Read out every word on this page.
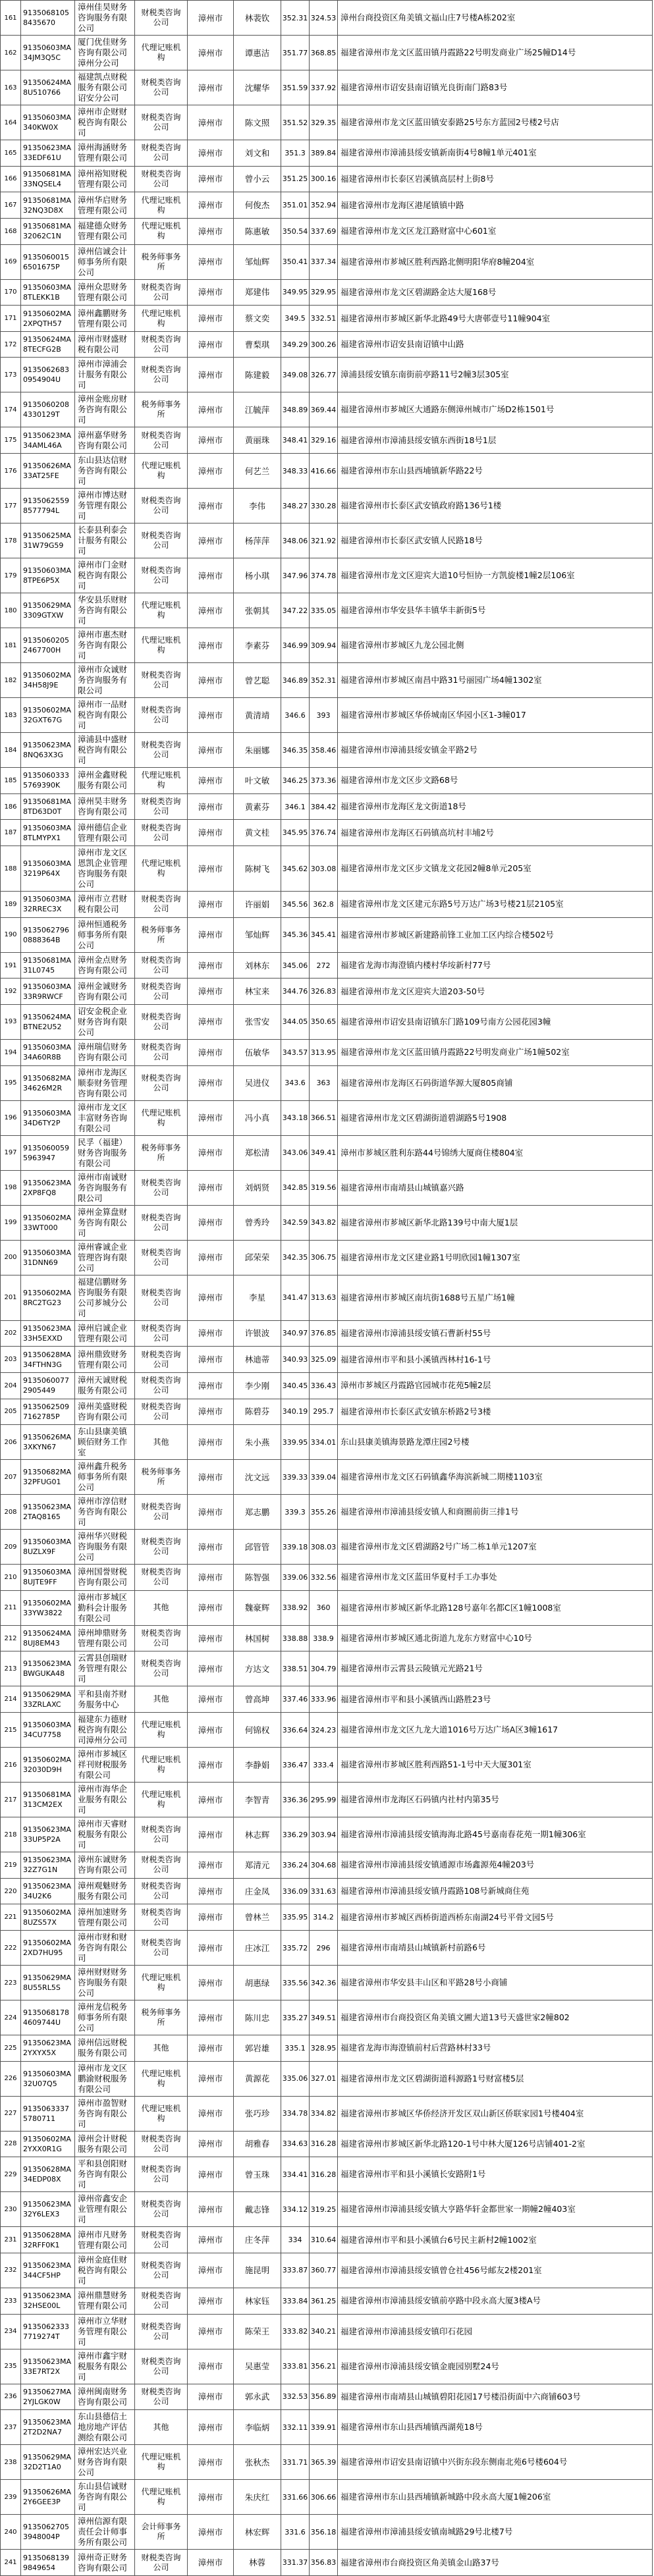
161	91350681058435670	漳州佳昊财务咨询服务有限公司	财税类咨询公司	漳州市	林裴钦	352.31	324.53	漳州台商投资区角美镇文福山庄7号楼A栋202室
162	91350603MA34JM3Q5C	厦门优佳财务咨询有限公司漳州分公司	代理记账机构	漳州市	谭惠洁	351.77	368.85	福建省漳州市龙文区蓝田镇丹霞路22号明发商业广场25幢D14号
163	91350624MA8U510766	福建凯点财税服务有限公司诏安分公司	财税类咨询公司	漳州市	沈耀华	351.59	337.92	福建省漳州市诏安县南诏镇光良街南门路83号
164	91350603MA340KW0X	漳州市企财财税咨询有限公司	财税类咨询公司	漳州市	陈文照	351.52	329.35	福建省漳州市龙文区蓝田镇安泰路25号东方蓝园2号楼2号店
165	91350623MA33EDF61U	漳州海涵财务管理有限公司	财税类咨询公司	漳州市	刘文和	351.3	389.84	福建省漳州市漳浦县绥安镇新南街4号8幢1单元401室
166	91350681MA33NQSEL4	漳州裕知财税管理有限公司	财税类咨询公司	漳州市	曾小云	351.25	300.16	福建省漳州市长泰区岩溪镇高层村上街8号
167	91350681MA32NQ3D8X	漳州华启财务管理有限公司	代理记账机构	漳州市	何俊杰	351.01	352.94	福建省漳州市龙海区港尾镇镇中路
168	91350681MA32062C1N	福建德众财务管理有限公司	代理记账机构	漳州市	陈惠敏	350.54	337.69	福建省漳州市龙文区龙江路财富中心601室
169	91350600156501675P	漳州信诚会计师事务所有限公司	税务师事务所	漳州市	邹灿辉	350.41	337.34	福建省漳州市芗城区胜利西路北侧明阳华府8幢204室
170	91350603MA8TLEKK1B	漳州众思财务管理有限公司	财税类咨询公司	漳州市	郑建伟	349.95	329.95	福建省漳州市龙文区碧湖路金达大厦168号
171	91350602MA2XPQTH57	漳州鑫鹏财务管理有限公司	代理记账机构	漳州市	蔡文奕	349.5	332.51	福建省漳州市芗城区新华北路49号大唐邨壹号11幢904室
172	91350624MA8TECFG2B	漳州市财盛财税有限公司	财税类咨询公司	漳州市	曹梨琪	349.29	300.26	福建省漳州市诏安县南诏镇中山路
173	91350626830954904U	漳州市漳浦会计服务有限公司	财税类咨询公司	漳州市	陈建毅	349.08	326.77	漳浦县绥安镇东南街前亭路11号2幢3层305室
174	91350602084330129T	漳州金账房财务咨询有限公司	税务师事务所	漳州市	江毓萍	348.89	369.44	福建省漳州市芗城区大通路东侧漳州城市广场D2栋1501号
175	91350623MA34AML46A	漳州嘉华财务咨询有限公司	财税类咨询公司	漳州市	黄丽珠	348.41	329.16	福建省漳州市漳浦县绥安镇东西街18号1层
176	91350626MA33AT25FE	东山县达信财务咨询有限公司	代理记账机构	漳州市	何艺兰	348.33	416.66	福建省漳州市东山县西埔镇新华路22号
177	91350625598577794L	漳州市博达财务管理有限公司	财税类咨询公司	漳州市	李伟	348.27	330.28	福建省漳州市长泰区武安镇政府路136号1楼
178	91350625MA31W79G59	长泰县利泰会计服务有限公司	财税类咨询公司	漳州市	杨萍萍	348.06	321.92	福建省漳州市长泰区武安镇人民路18号
179	91350603MA8TPE6P5X	漳州市门金财税咨询有限公司	财税类咨询公司	漳州市	杨小琪	347.96	374.78	福建省漳州市龙文区迎宾大道10号恒协一方凯旋楼1幢2层106室
180	91350629MA3309GTXW	华安县乐财财务咨询有限公司	代理记账机构	漳州市	张朝其	347.22	335.05	福建省漳州市华安县华丰镇华丰新街5号
181	91350602052467700H	漳州市惠杰财务咨询有限公司	代理记账机构	漳州市	李素芬	346.99	309.94	福建省漳州市芗城区九龙公园北侧
182	91350602MA34H58J9E	漳州市众诚财务咨询服务有限公司	财税类咨询公司	漳州市	曾艺聪	346.89	352.31	福建省漳州市芗城区南昌中路31号丽园广场4幢1302室
183	91350602MA32GXT67G	漳州市一品财税咨询有限公司	财税类咨询公司	漳州市	黄清靖	346.6	393	福建省漳州市芗城区华侨城南区华园小区1-3幢017
184	91350623MA8NQ63X3G	漳浦县中盛财税咨询有限公司	财税类咨询公司	漳州市	朱丽娜	346.35	358.46	福建省漳州市漳浦县绥安镇金平路2号
185	91350603335769390K	漳州金鑫财税服务有限公司	代理记账机构	漳州市	叶文敏	346.25	373.36	福建省漳州市龙文区步文路68号
186	91350681MA8TD63D0T	漳州昊丰财务咨询有限公司	财税类咨询公司	漳州市	黄素芬	346.1	384.42	福建省漳州市龙海区龙文街道18号
187	91350603MA8TLMYPX1	漳州德信企业管理有限公司	财税类咨询公司	漳州市	黄文桂	345.95	376.74	福建省漳州市龙海区石码镇高坑村丰埔2号
188	91350603MA3219P64X	漳州市龙文区恩凯企业管理咨询服务有限公司	代理记账机构	漳州市	陈树飞	345.62	303.08	福建省漳州市龙文区步文镇龙文花园2幢8单元205室
189	91350603MA32RREC3X	漳州市立君财税有限公司	财税类咨询公司	漳州市	许丽娟	345.56	362.8	福建省漳州市龙文区建元东路5号万达广场3号楼21层2105室
190	91350627960888364B	漳州恒通税务师事务所有限公司	税务师事务所	漳州市	邹灿辉	345.36	345.41	福建省漳州市芗城区新建路前锋工业加工区内综合楼502号
191	91350681MA31L0745	漳州金点财务咨询有限公司	财税类咨询公司	漳州市	刘林东	345.06	272	福建省龙海市海澄镇内楼村华垵新村77号
192	91350603MA33R9RWCF	漳州金诚财务咨询有限公司	财税类咨询公司	漳州市	林宝来	344.76	326.83	福建省漳州市龙文区迎宾大道203-50号
193	91350624MABTNE2U52	诏安金税企业财务咨询有限公司	财税类咨询公司	漳州市	张雪安	344.05	350.65	福建省漳州市诏安县南诏镇东门路109号南方公园花园3幢
194	91350603MA34A60R8B	漳州瑞信财务咨询有限公司	财税类咨询公司	漳州市	伍敏华	343.57	313.95	福建省漳州市龙文区蓝田镇丹霞路22号明发商业广场1幢502室
195	91350682MA34626M2R	漳州市龙海区顺泰财务管理咨询有限公司	财税类咨询公司	漳州市	吴进仪	343.6	363	福建省漳州市龙海区石码街道华源大厦805商铺
196	91350603MA34D6TY2P	漳州市龙文区丰富财务咨询有限公司	代理记账机构	漳州市	冯小真	343.18	366.51	福建省漳州市龙文区碧湖街道碧湖路5号1908
197	91350600595963947	民孚（福建）财务咨询服务有限公司	税务师事务所	漳州市	郑松清	343.06	349.41	漳州市芗城区胜利东路44号锦绣大厦商住楼804室
198	91350623MA2XP8FQ8	漳州市南诚财务咨询服务有限公司	财税类咨询公司	漳州市	刘炳贤	342.85	319.56	福建省漳州市南靖县山城镇嘉兴路
199	91350602MA33WT000	漳州金算盘财务咨询有限公司	财税类咨询公司	漳州市	曾秀玲	342.59	343.82	福建省漳州市芗城区新华北路139号中南大厦1层
200	91350603MA31DNN69	漳州睿诚企业管理咨询有限公司	财税类咨询公司	漳州市	邱荣荣	342.35	306.75	福建省漳州市龙文区建业路1号明欣园1幢1307室
201	91350602MA8RC2TG23	福建信鹏财务咨询服务有限公司芗城分公司	财税类咨询公司	漳州市	李星	341.47	313.63	福建省漳州市芗城区南坑街1688号五星广场1幢
202	91350623MA33H5EXXD	漳州启诚企业管理有限公司	财税类咨询公司	漳州市	许银波	340.97	376.85	福建省漳州市漳浦县绥安镇石曹新村55号
203	91350628MA34FTHN3G	漳州鼎致财务管理有限公司	财税类咨询公司	漳州市	林迪蒂	340.93	325.09	福建省漳州市平和县小溪镇西林村16-1号
204	91350600772905449	漳州天诚财税服务有限公司	财税类咨询公司	漳州市	李少刚	340.45	336.43	漳州市芗城区丹霞路官园城市花苑5幢2层
205	91350625097162785P	漳州美盛财税咨询有限公司	财税类咨询公司	漳州市	陈碧芬	340.19	295.7	福建省漳州市长泰区武安镇东桥路2号3楼
206	91350626MA3XKYN67	东山县康美镇顾佰财务工作室	其他	漳州市	朱小燕	339.95	334.01	东山县康美镇海景路龙潭庄园2号楼
207	91350682MA32PFUG01	漳州鑫升税务师事务所有限公司	税务师事务所	漳州市	沈文远	339.33	339.04	福建省漳州市龙文区石码镇鑫华海滨新城二期楼1103室
208	91350623MA2TAQ8165	漳州市淳信财务咨询有限公司	财税类咨询公司	漳州市	郑志鹏	339.3	355.26	福建省漳州市漳浦县绥安镇人和商圈前街三排1号
209	91350603MA8UZLX9F	漳州华兴财税咨询服务有限公司	财税类咨询公司	漳州市	邱管管	339.18	308.03	福建省漳州市龙文区碧湖路2号广场二栋1单元1207室
210	91350603MA8UJTE9FF	漳州国誉财税咨询有限公司	财税类咨询公司	漳州市	陈智强	339.06	332.56	福建省漳州市龙文区蓝田华夏村手工办事处
211	91350602MA33YW3822	漳州市芗城区勤科会计服务有限公司	其他	漳州市	魏豪辉	338.92	360	福建省漳州市芗城区新华北路128号嘉年名都C区1幢1008室
212	91350624MA8UJ8EM43	漳州坤鼎财务管理有限公司	财税类咨询公司	漳州市	林国树	338.88	338.9	福建省漳州市芗城区通北街道九龙东方财富中心10号
213	91350623MABWGUKA48	云霄县创瑞财务管理有限公司	财税类咨询公司	漳州市	方达文	338.51	304.79	福建省漳州市云霄县云陵镇元光路21号
214	91350629MA33ZRLAXC	平和县南芥财务服务中心	其他	漳州市	曾高坤	337.46	333.96	福建省漳州市平和县小溪镇西山路胜23号
215	91350603MA34CU7758	福建东力德财税咨询有限公司漳州分公司	代理记账机构	漳州市	何锦权	336.64	324.23	福建省漳州市龙文区九龙大道1016号万达广场A区3幢1617
216	91350602MA32030D9H	漳州市芗城区祥刊财税服务有限公司	代理记账机构	漳州市	李静娟	336.47	333.4	福建省漳州市芗城区胜利西路51-1号中天大厦301室
217	91350681MA313CM2EX	漳州市海华企业服务有限公司	代理记账机构	漳州市	李智青	336.36	295.99	福建省漳州市龙海区石码镇内社村内第35号
218	91350623MA33UP5P2A	漳州市天睿财税服务有限公司	财税类咨询公司	漳州市	林志辉	336.29	303.94	福建省漳州市漳浦县绥安镇海海北路45号嘉南春花苑一期1幢306室
219	91350623MA32Z7G1N	漳州东诚财务咨询有限公司	财税类咨询公司	漳州市	郑清元	336.24	304.68	福建省漳州市漳浦县绥安镇通源市场鑫源苑4幢203号
220	91350623MA34U2K6	漳州观魅财务服务有限公司	财税类咨询公司	漳州市	庄金凤	336.09	331.63	福建省漳州市漳浦县绥安镇丹霞路108号新城商住苑
221	91350602MA8UZS57X	漳州加速财务管理有限公司	财税类咨询公司	漳州市	曾林兰	335.95	314.2	福建省漳州市芗城区西桥街道西桥东南湖24号平骨文园5号
222	91350602MA2XD7HU95	漳州市财和财务咨询有限公司	财税类咨询公司	漳州市	庄冰江	335.72	296	福建省漳州市南靖县山城镇新村前路6号
223	91350629MA8U55RL5S	漳州财财财务咨询服务有限公司	代理记账机构	漳州市	胡惠绿	335.56	342.36	福建省漳州市华安县丰山区和平路28号小商铺
224	91350681784609744U	漳州龙信税务师事务所有限公司	税务师事务所	漳州市	陈川忠	335.27	349.51	福建省漳州市台商投资区角美镇文圃大道13号天盛世家2幢802
225	91350623MA2YXYX5X	漳州信远财税服务有限公司	其他	漳州市	郭岩雄	335.1	328.95	福建省龙海市海澄镇前村后营路林村33号
226	91350603MA32U07Q5	漳州市龙文区鹏渝财税服务有限公司	代理记账机构	漳州市	黄源花	335.06	327.01	福建省漳州市龙文区碧湖街道科源路1号财富楼5层
227	91350633375780711	漳州市盈智财务咨询有限公司	代理记账机构	漳州市	张巧珍	334.78	334.82	福建省漳州市芗城区华侨经济开发区双山新区侨联家园1号楼404室
228	91350602MA2YXX0R1G	漳州会计财税服务有限公司	财税类咨询公司	漳州市	胡雅春	334.63	316.28	福建省漳州市芗城区新华北路120-1号中林大厦126号店铺401-2室
229	91350628MA34EDP08X	平和县创阳财务咨询有限公司	财税类咨询公司	漳州市	曾玉珠	334.41	316.28	福建省漳州市平和县小溪镇长安路附1号
230	91350623MA32Y6LEX3	漳州帝鑫安企业管理有限公司	财税类咨询公司	漳州市	戴志锋	334.12	319.25	福建省漳州市漳浦县绥安镇大亨路华轩金都世家一期幢2幢403室
231	91350628MA32RFF0K1	漳州市凡财务管理有限公司	财税类咨询公司	漳州市	庄冬萍	334	310.64	福建省漳州市平和县小溪镇台6号民主新村2幢1002室
232	91350623MA344CF5HP	漳州金庭佳财税咨询有限公司	财税类咨询公司	漳州市	施昆明	333.87	360.77	福建省漳州市漳浦县绥安镇曾仓社456号邮友2楼201室
233	91350623MA32HSE00L	漳州鼎慧财务管理有限公司	财税类咨询公司	漳州市	林家钰	333.84	361.25	福建省漳州市漳浦县绥安镇前亭路中段永高大厦3楼A号
234	91350623337719274T	漳州市立华财务管理有限公司	财税类咨询公司	漳州市	陈荣王	333.82	340.21	福建省漳州市漳浦县绥安镇印石花园
235	91350623MA33E7RT2X	漳州市鑫宇财税服务有限公司	财税类咨询公司	漳州市	吴惠莹	333.81	356.21	福建省漳州市漳浦县绥安镇金鹿园别墅24号
236	91350627MA2YJLGK0W	漳州闽南财务咨询有限公司	财税类咨询公司	漳州市	郭永武	332.53	356.89	福建省漳州市南靖县山城镇碧阳花园17号楼沿街面中六商铺603号
237	91350623MA2T2D2NA7	东山县德信土地房地产评估测绘有限公司	其他	漳州市	李临炳	332.11	339.91	福建省漳州市东山县西埔镇西湖苑18号
238	91350629MA32D2T1A0	漳州宏达兴业财务咨询有限公司	代理记账机构	漳州市	张秋杰	331.71	365.39	福建省漳州市诏安县南诏镇中兴街东段东侧南北苑6号楼604号
239	91350626MA2Y6GEE3P	东山县信诚财务咨询有限公司	代理记账机构	漳州市	朱庆红	331.66	306.66	福建省漳州市东山县西埔镇新城路中段永高大厦1幢206室
240	91350627053948004P	漳州信源有限责任会计师事务所有限公司	会计师事务所	漳州市	林宏辉	331.6	356.18	福建省漳州市漳浦县绥安镇南城路29号北楼7号
241	91350681399849654	漳州奇正财务咨询有限公司	财税类咨询公司	漳州市	林蓉	331.37	356.83	福建省漳州市台商投资区角美镇金山路37号
